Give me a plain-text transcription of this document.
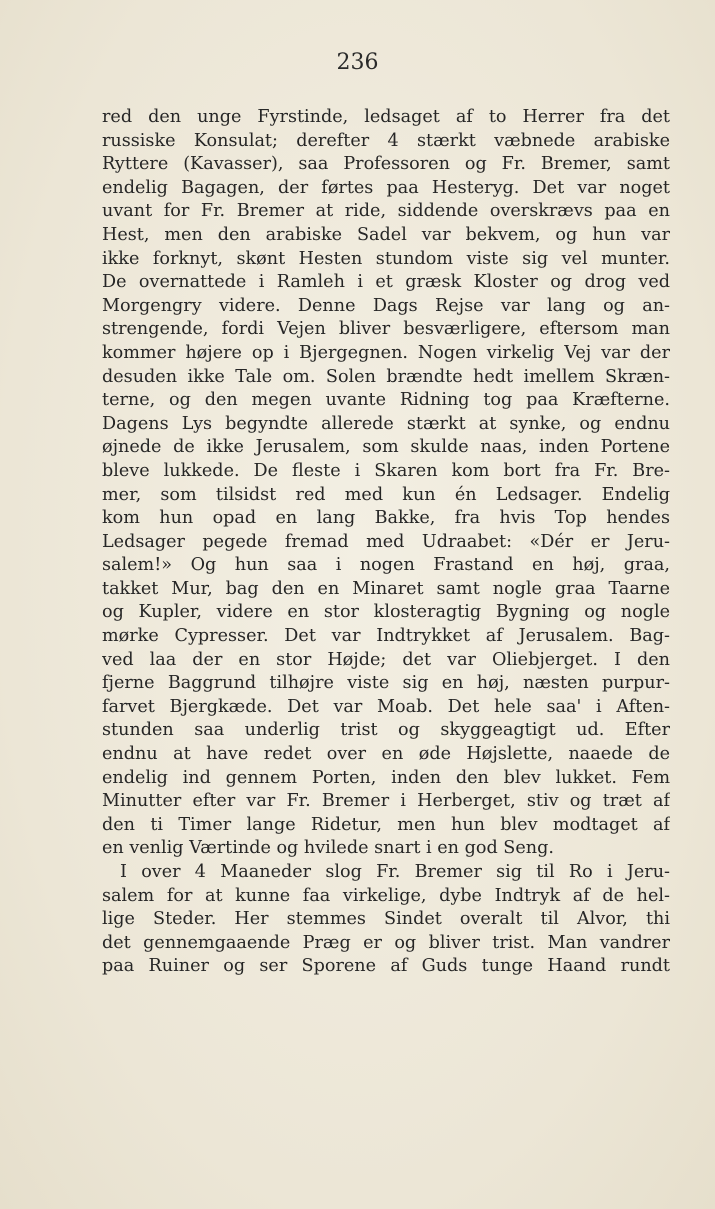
236
red den unge Fyrstinde, ledsaget af to Herrer fra det
russiske Konsulat; derefter 4 stærkt væbnede arabiske
Ryttere (Kavasser), saa Professoren og Fr. Bremer, samt
endelig Bagagen, der førtes paa Hesteryg. Det var noget
uvant for Fr. Bremer at ride, siddende overskrævs paa en
Hest, men den arabiske Sadel var bekvem, og hun var
ikke forknyt, skønt Hesten stundom viste sig vel munter.
De overnattede i Ramleh i et græsk Kloster og drog ved
Morgengry videre. Denne Dags Rejse var lang og an-
strengende, fordi Vejen bliver besværligere, eftersom man
kommer højere op i Bjergegnen. Nogen virkelig Vej var der
desuden ikke Tale om. Solen brændte hedt imellem Skræn-
terne, og den megen uvante Ridning tog paa Kræfterne.
Dagens Lys begyndte allerede stærkt at synke, og endnu
øjnede de ikke Jerusalem, som skulde naas, inden Portene
bleve lukkede. De fleste i Skaren kom bort fra Fr. Bre-
mer, som tilsidst red med kun én Ledsager. Endelig
kom hun opad en lang Bakke, fra hvis Top hendes
Ledsager pegede fremad med Udraabet: «Dér er Jeru-
salem!» Og hun saa i nogen Frastand en høj, graa,
takket Mur, bag den en Minaret samt nogle graa Taarne
og Kupler, videre en stor klosteragtig Bygning og nogle
mørke Cypresser. Det var Indtrykket af Jerusalem. Bag-
ved laa der en stor Højde; det var Oliebjerget. I den
fjerne Baggrund tilhøjre viste sig en høj, næsten purpur-
farvet Bjergkæde. Det var Moab. Det hele saa' i Aften-
stunden saa underlig trist og skyggeagtigt ud. Efter
endnu at have redet over en øde Højslette, naaede de
endelig ind gennem Porten, inden den blev lukket. Fem
Minutter efter var Fr. Bremer i Herberget, stiv og træt af
den ti Timer lange Ridetur, men hun blev modtaget af
en venlig Værtinde og hvilede snart i en god Seng.
I over 4 Maaneder slog Fr. Bremer sig til Ro i Jeru-
salem for at kunne faa virkelige, dybe Indtryk af de hel-
lige Steder. Her stemmes Sindet overalt til Alvor, thi
det gennemgaaende Præg er og bliver trist. Man vandrer
paa Ruiner og ser Sporene af Guds tunge Haand rundt
